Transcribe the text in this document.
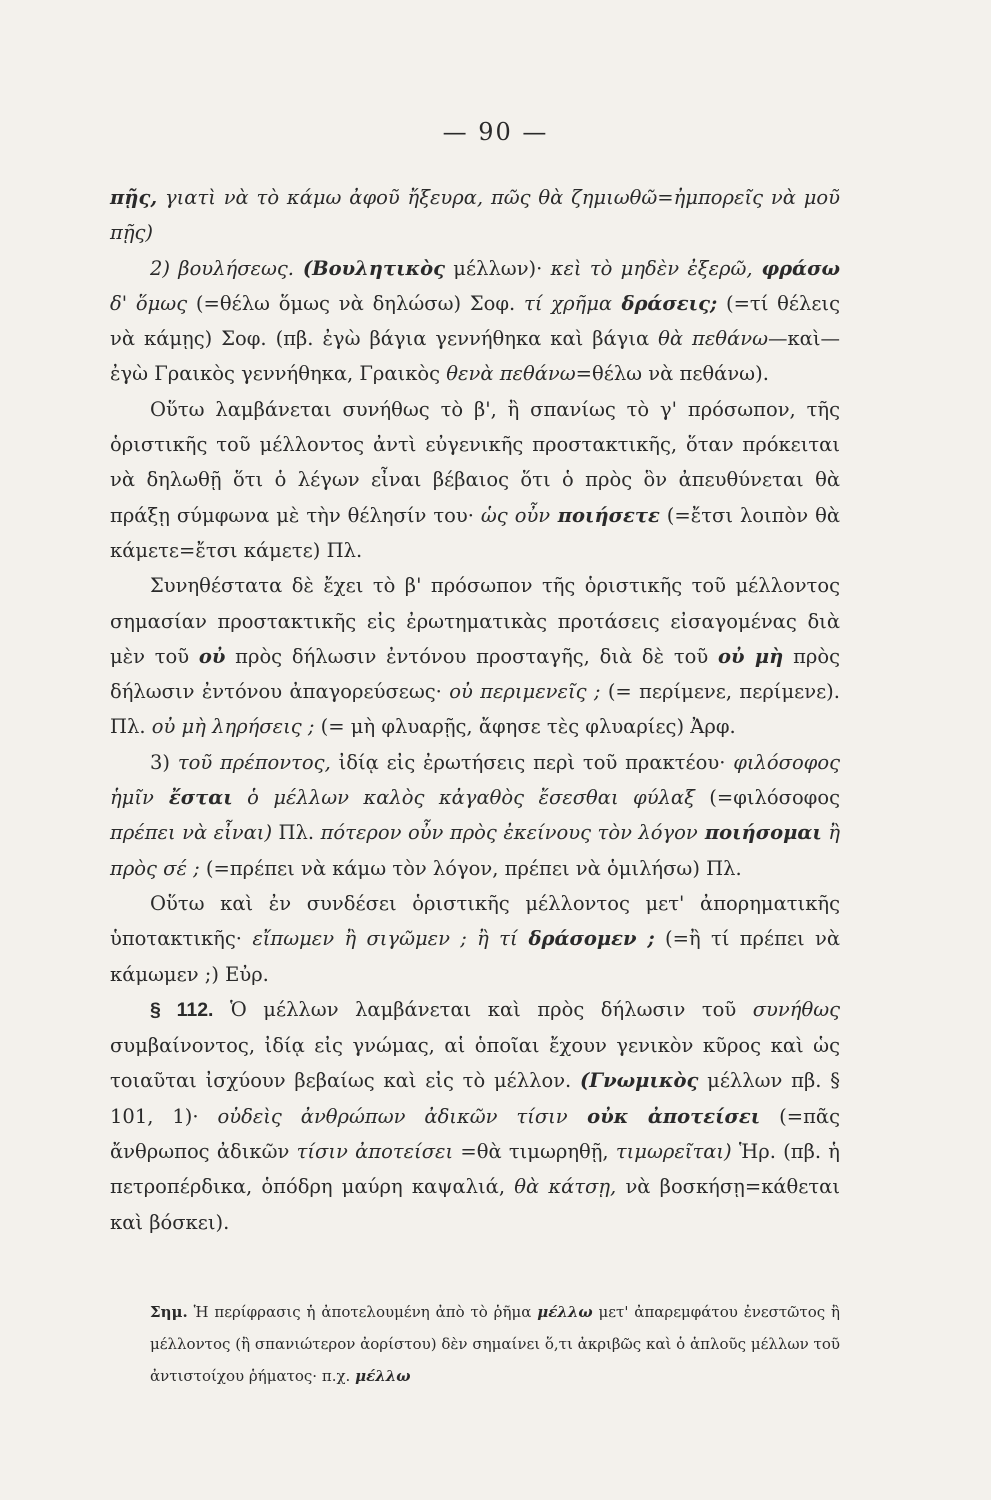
— 90 —

πῇς, γιατὶ νὰ τὸ κάμω ἀφοῦ ἤξευρα, πῶς θὰ ζημιωθῶ=ἠμπορεῖς νὰ μοῦ πῇς)

2) βουλήσεως. (Βουλητικὸς μέλλων)· κεὶ τὸ μηδὲν ἐξερῶ, φράσω δ' ὅμως (=θέλω ὅμως νὰ δηλώσω) Σοφ. τί χρῆμα δράσεις; (=τί θέλεις νὰ κάμῃς) Σοφ. (πβ. ἐγὼ βάγια γεννήθηκα καὶ βάγια θὰ πεθάνω—καὶ—ἐγὼ Γραικὸς γεννήθηκα, Γραικὸς θενὰ πεθάνω=θέλω νὰ πεθάνω).

Οὕτω λαμβάνεται συνήθως τὸ β', ἢ σπανίως τὸ γ' πρόσωπον, τῆς ὁριστικῆς τοῦ μέλλοντος ἀντὶ εὐγενικῆς προστακτικῆς, ὅταν πρόκειται νὰ δηλωθῇ ὅτι ὁ λέγων εἶναι βέβαιος ὅτι ὁ πρὸς ὃν ἀπευθύνεται θὰ πράξῃ σύμφωνα μὲ τὴν θέλησίν του· ὡς οὖν ποιήσετε (=ἔτσι λοιπὸν θὰ κάμετε=ἔτσι κάμετε) Πλ.

Συνηθέστατα δὲ ἔχει τὸ β' πρόσωπον τῆς ὁριστικῆς τοῦ μέλλοντος σημασίαν προστακτικῆς εἰς ἐρωτηματικὰς προτάσεις εἰσαγομένας διὰ μὲν τοῦ οὐ πρὸς δήλωσιν ἐντόνου προσταγῆς, διὰ δὲ τοῦ οὐ μὴ πρὸς δήλωσιν ἐντόνου ἀπαγορεύσεως· οὐ περιμενεῖς ; (= περίμενε, περίμενε). Πλ. οὐ μὴ ληρήσεις ; (= μὴ φλυαρῇς, ἄφησε τὲς φλυαρίες) Ἀρφ.

3) τοῦ πρέποντος, ἰδίᾳ εἰς ἐρωτήσεις περὶ τοῦ πρακτέου· φιλόσοφος ἡμῖν ἔσται ὁ μέλλων καλὸς κἀγαθὸς ἔσεσθαι φύλαξ (=φιλόσοφος πρέπει νὰ εἶναι) Πλ. πότερον οὖν πρὸς ἐκείνους τὸν λόγον ποιήσομαι ἢ πρὸς σέ ; (=πρέπει νὰ κάμω τὸν λόγον, πρέπει νὰ ὁμιλήσω) Πλ.

Οὕτω καὶ ἐν συνδέσει ὁριστικῆς μέλλοντος μετ' ἀπορηματικῆς ὑποτακτικῆς· εἴπωμεν ἢ σιγῶμεν ; ἢ τί δράσομεν ; (=ἢ τί πρέπει νὰ κάμωμεν ;) Εὐρ.

§ 112. Ὁ μέλλων λαμβάνεται καὶ πρὸς δήλωσιν τοῦ συνήθως συμβαίνοντος, ἰδίᾳ εἰς γνώμας, αἱ ὁποῖαι ἔχουν γενικὸν κῦρος καὶ ὡς τοιαῦται ἰσχύουν βεβαίως καὶ εἰς τὸ μέλλον. (Γνωμικὸς μέλλων πβ. § 101, 1)· οὐδεὶς ἀνθρώπων ἀδικῶν τίσιν οὐκ ἀποτείσει (=πᾶς ἄνθρωπος ἀδικῶν τίσιν ἀποτείσει =θὰ τιμωρηθῇ, τιμωρεῖται) Ἡρ. (πβ. ἡ πετροπέρδικα, ὁπόδρη μαύρη καψαλιά, θὰ κάτσῃ, νὰ βοσκήσῃ=κάθεται καὶ βόσκει).

Σημ. Ἡ περίφρασις ἡ ἀποτελουμένη ἀπὸ τὸ ῥῆμα μέλλω μετ' ἀπαρεμφάτου ἐνεστῶτος ἢ μέλλοντος (ἢ σπανιώτερον ἀορίστου) δὲν σημαίνει ὅ,τι ἀκριβῶς καὶ ὁ ἁπλοῦς μέλλων τοῦ ἀντιστοίχου ῥήματος· π.χ. μέλλω
